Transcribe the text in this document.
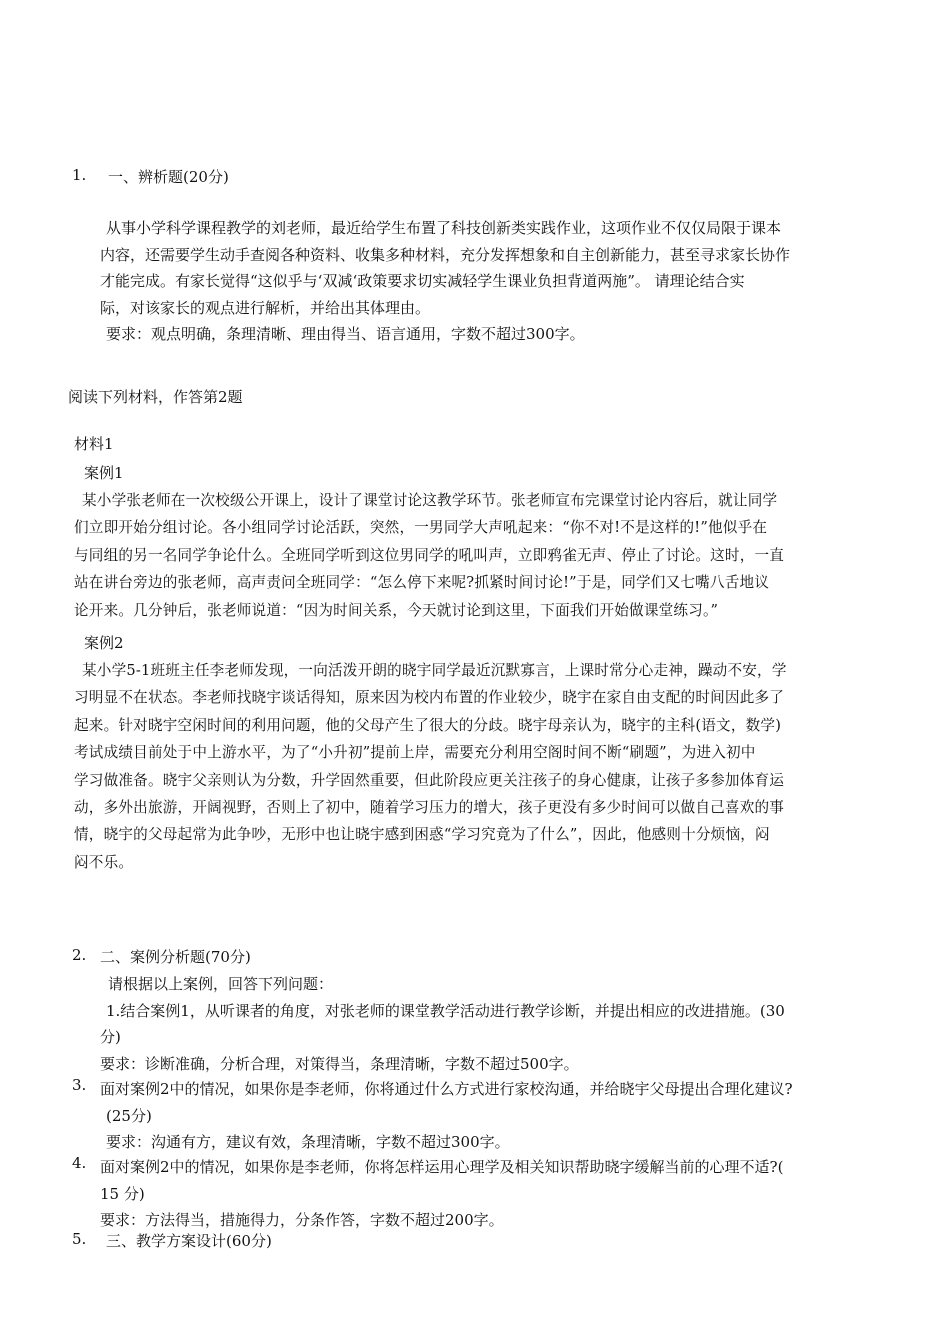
1. 一、辨析题(20分)
从事小学科学课程教学的刘老师，最近给学生布置了科技创新类实践作业，这项作业不仅仅局限于课本
内容，还需要学生动手查阅各种资料、收集多种材料，充分发挥想象和自主创新能力，甚至寻求家长协作
才能完成。有家长觉得“这似乎与‘双减‘政策要求切实减轻学生课业负担背道两施”。 请理论结合实
际，对该家长的观点进行解析，并给出其体理由。
要求：观点明确，条理清晰、理由得当、语言通用，字数不超过300字。
阅读下列材料，作答第2题
材料1
案例1
某小学张老师在一次校级公开课上，设计了课堂讨论这教学环节。张老师宣布完课堂讨论内容后，就让同学
们立即开始分组讨论。各小组同学讨论活跃，突然，一男同学大声吼起来：“你不对!不是这样的!”他似乎在
与同组的另一名同学争论什么。全班同学听到这位男同学的吼叫声，立即鸦雀无声、停止了讨论。这时，一直
站在讲台旁边的张老师，高声责问全班同学：“怎么停下来呢?抓紧时间讨论!”于是，同学们又七嘴八舌地议
论开来。几分钟后，张老师说道：“因为时间关系，今天就讨论到这里，下面我们开始做课堂练习。”
案例2
某小学5-1班班主任李老师发现，一向活泼开朗的晓宇同学最近沉默寡言，上课时常分心走神，躁动不安，学
习明显不在状态。李老师找晓宇谈话得知，原来因为校内布置的作业较少，晓宇在家自由支配的时间因此多了
起来。针对晓宇空闲时间的利用问题，他的父母产生了很大的分歧。晓宇母亲认为，晓宇的主科(语文，数学)
考试成绩目前处于中上游水平，为了“小升初”提前上岸，需要充分利用空阁时间不断“刷题”，为进入初中
学习做准备。晓宇父亲则认为分数，升学固然重要，但此阶段应更关注孩子的身心健康，让孩子多参加体育运
动，多外出旅游，开阔视野，否则上了初中，随着学习压力的增大，孩子更没有多少时间可以做自己喜欢的事
情，晓宇的父母起常为此争吵，无形中也让晓宇感到困惑“学习究竟为了什么”，因此，他感则十分烦恼，闷
闷不乐。
2. 二、案例分析题(70分)
请根据以上案例，回答下列问题：
1.结合案例1，从听课者的角度，对张老师的课堂教学活动进行教学诊断，并提出相应的改进措施。(30
分)
要求：诊断准确，分析合理，对策得当，条理清晰，字数不超过500字。
3. 面对案例2中的情况，如果你是李老师，你将通过什么方式进行家校沟通，并给晓宇父母提出合理化建议?
(25分)
要求：沟通有方，建议有效，条理清晰，字数不超过300字。
4. 面对案例2中的情况，如果你是李老师，你将怎样运用心理学及相关知识帮助晓字缓解当前的心理不适?(
15 分)
要求：方法得当，措施得力，分条作答，字数不超过200字。
5. 三、教学方案设计(60分)
